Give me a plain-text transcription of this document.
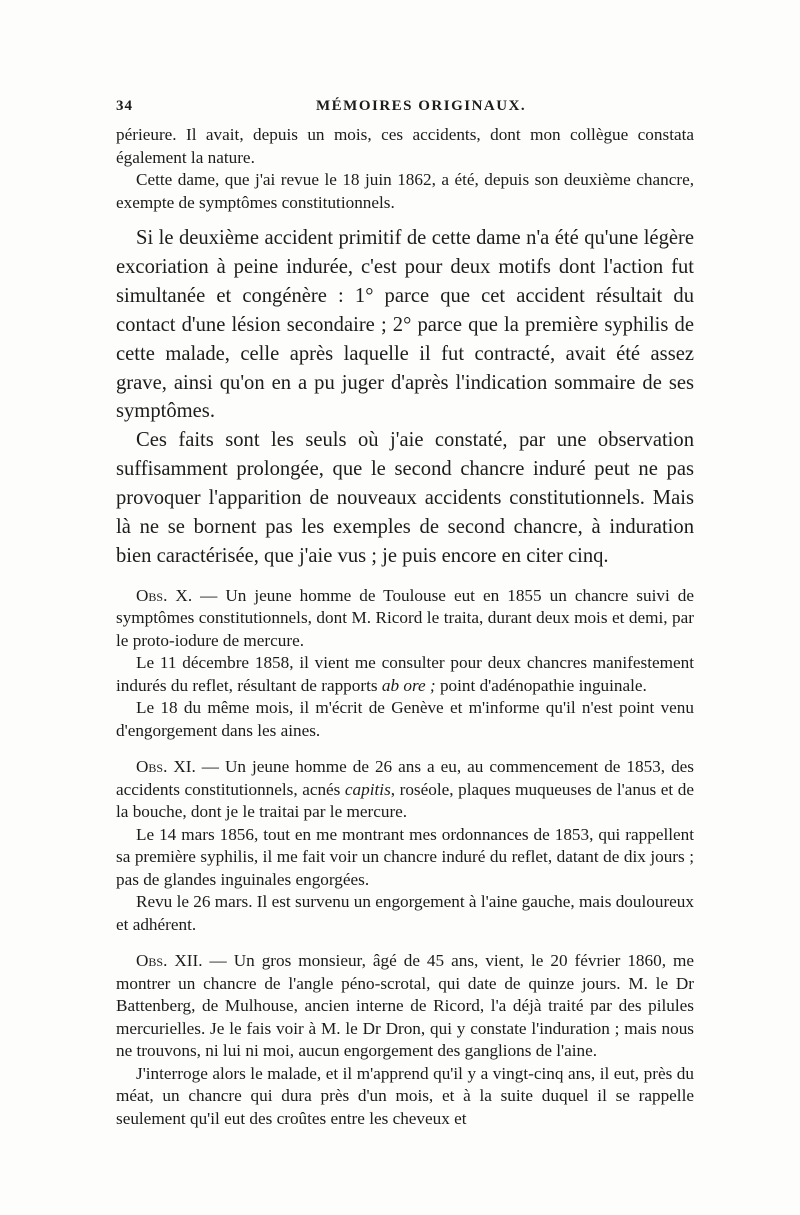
34	MÉMOIRES ORIGINAUX.

périeure. Il avait, depuis un mois, ces accidents, dont mon collègue constata également la nature.

Cette dame, que j'ai revue le 18 juin 1862, a été, depuis son deuxième chancre, exempte de symptômes constitutionnels.

Si le deuxième accident primitif de cette dame n'a été qu'une légère excoriation à peine indurée, c'est pour deux motifs dont l'action fut simultanée et congénère : 1° parce que cet accident résultait du contact d'une lésion secondaire ; 2° parce que la première syphilis de cette malade, celle après laquelle il fut contracté, avait été assez grave, ainsi qu'on en a pu juger d'après l'indication sommaire de ses symptômes.

Ces faits sont les seuls où j'aie constaté, par une observation suffisamment prolongée, que le second chancre induré peut ne pas provoquer l'apparition de nouveaux accidents constitutionnels. Mais là ne se bornent pas les exemples de second chancre, à induration bien caractérisée, que j'aie vus ; je puis encore en citer cinq.

Obs. X. — Un jeune homme de Toulouse eut en 1855 un chancre suivi de symptômes constitutionnels, dont M. Ricord le traita, durant deux mois et demi, par le proto-iodure de mercure.

Le 11 décembre 1858, il vient me consulter pour deux chancres manifestement indurés du reflet, résultant de rapports ab ore ; point d'adénopathie inguinale.

Le 18 du même mois, il m'écrit de Genève et m'informe qu'il n'est point venu d'engorgement dans les aines.

Obs. XI. — Un jeune homme de 26 ans a eu, au commencement de 1853, des accidents constitutionnels, acnés capitis, roséole, plaques muqueuses de l'anus et de la bouche, dont je le traitai par le mercure.

Le 14 mars 1856, tout en me montrant mes ordonnances de 1853, qui rappellent sa première syphilis, il me fait voir un chancre induré du reflet, datant de dix jours ; pas de glandes inguinales engorgées.

Revu le 26 mars. Il est survenu un engorgement à l'aine gauche, mais douloureux et adhérent.

Obs. XII. — Un gros monsieur, âgé de 45 ans, vient, le 20 février 1860, me montrer un chancre de l'angle péno-scrotal, qui date de quinze jours. M. le Dr Battenberg, de Mulhouse, ancien interne de Ricord, l'a déjà traité par des pilules mercurielles. Je le fais voir à M. le Dr Dron, qui y constate l'induration ; mais nous ne trouvons, ni lui ni moi, aucun engorgement des ganglions de l'aine.

J'interroge alors le malade, et il m'apprend qu'il y a vingt-cinq ans, il eut, près du méat, un chancre qui dura près d'un mois, et à la suite duquel il se rappelle seulement qu'il eut des croûtes entre les cheveux et
